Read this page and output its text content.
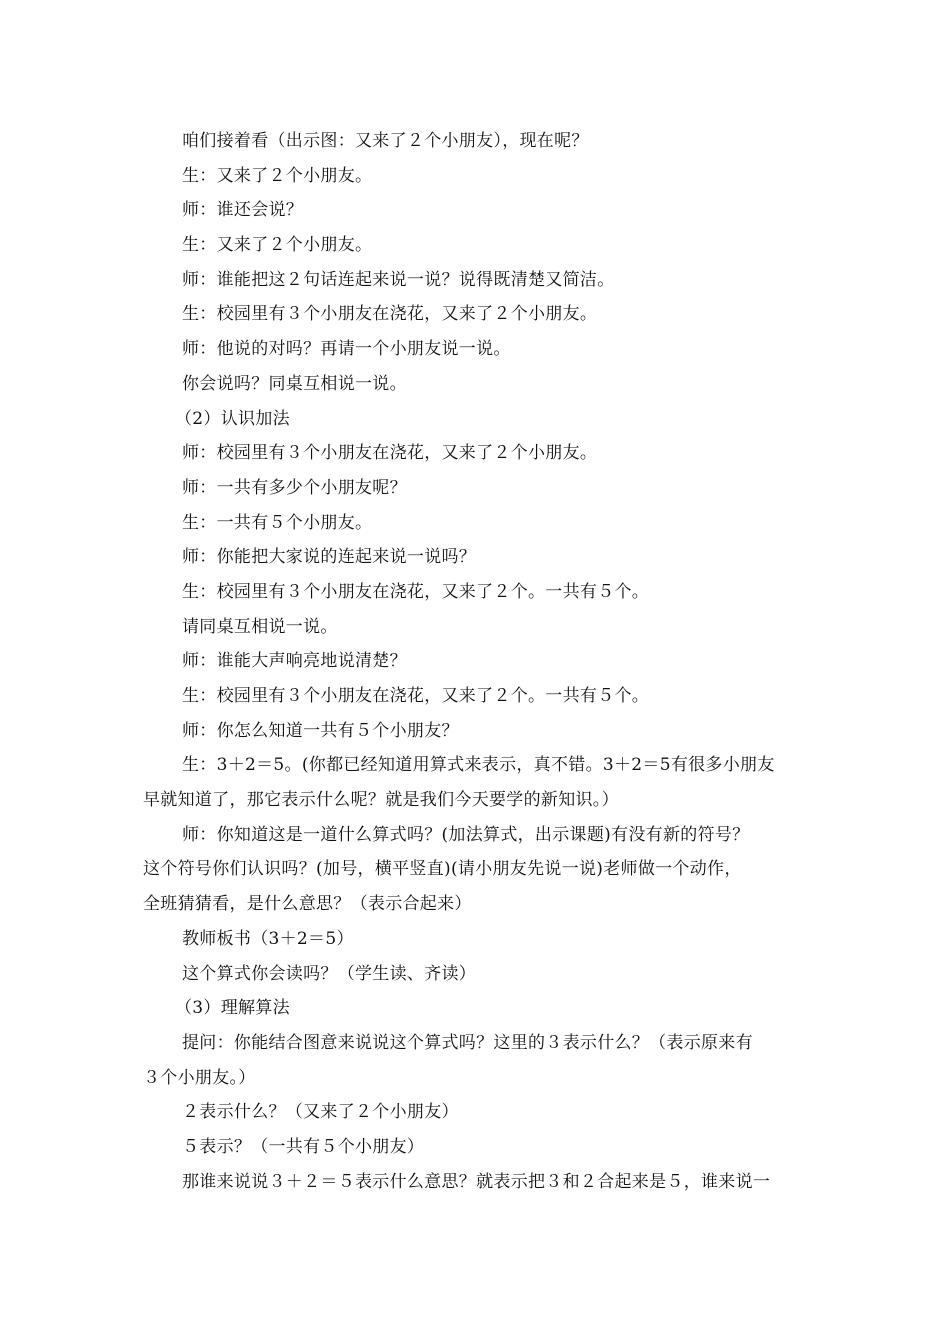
咱们接着看（出示图：又来了２个小朋友），现在呢？
生：又来了２个小朋友。
师：谁还会说？
生：又来了２个小朋友。
师：谁能把这２句话连起来说一说？说得既清楚又简洁。
生：校园里有３个小朋友在浇花，又来了２个小朋友。
师：他说的对吗？再请一个小朋友说一说。
你会说吗？同桌互相说一说。
（2）认识加法
师：校园里有３个小朋友在浇花，又来了２个小朋友。
师：一共有多少个小朋友呢？
生：一共有５个小朋友。
师：你能把大家说的连起来说一说吗？
生：校园里有３个小朋友在浇花，又来了２个。一共有５个。
请同桌互相说一说。
师：谁能大声响亮地说清楚？
生：校园里有３个小朋友在浇花，又来了２个。一共有５个。
师：你怎么知道一共有５个小朋友？
生：3＋2＝5。(你都已经知道用算式来表示，真不错。3＋2＝5有很多小朋友
早就知道了，那它表示什么呢？就是我们今天要学的新知识。）
师：你知道这是一道什么算式吗？(加法算式，出示课题)有没有新的符号？
这个符号你们认识吗？(加号，横平竖直)(请小朋友先说一说)老师做一个动作，
全班猜猜看，是什么意思？（表示合起来）
教师板书（3＋2＝5）
这个算式你会读吗？（学生读、齐读）
（3）理解算法
提问：你能结合图意来说说这个算式吗？这里的３表示什么？（表示原来有
３个小朋友。）
２表示什么？（又来了２个小朋友）
５表示？（一共有５个小朋友）
那谁来说说３＋２＝５表示什么意思？就表示把３和２合起来是５，谁来说一
